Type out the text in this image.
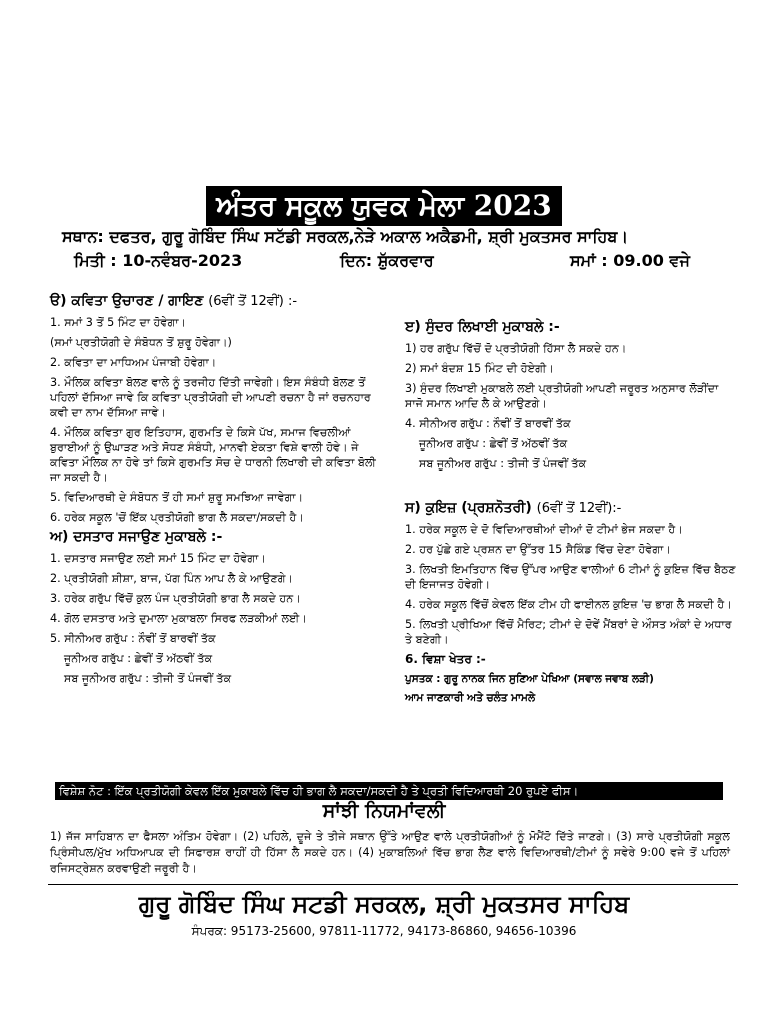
ਅੰਤਰ ਸਕੂਲ ਯੁਵਕ ਮੇਲਾ 2023
ਸਥਾਨ: ਦਫਤਰ, ਗੁਰੂ ਗੋਬਿੰਦ ਸਿੰਘ ਸਟੱਡੀ ਸਰਕਲ,ਨੇੜੇ ਅਕਾਲ ਅਕੈਡਮੀ, ਸ਼੍ਰੀ ਮੁਕਤਸਰ ਸਾਹਿਬ।
ਮਿਤੀ : 10-ਨਵੰਬਰ-2023	ਦਿਨ: ਸ਼ੁੱਕਰਵਾਰ	ਸਮਾਂ : 09.00 ਵਜੇ
ੳ) ਕਵਿਤਾ ਉਚਾਰਣ / ਗਾਇਣ (6ਵੀਂ ਤੋਂ 12ਵੀਂ) :-

1. ਸਮਾਂ 3 ਤੋਂ 5 ਮਿੰਟ ਦਾ ਹੋਵੇਗਾ।

(ਸਮਾਂ ਪ੍ਰਤੀਯੋਗੀ ਦੇ ਸੰਬੋਧਨ ਤੋਂ ਸ਼ੁਰੂ ਹੋਵੇਗਾ।)

2. ਕਵਿਤਾ ਦਾ ਮਾਧਿਅਮ ਪੰਜਾਬੀ ਹੋਵੇਗਾ।

3. ਮੌਲਿਕ ਕਵਿਤਾ ਬੋਲਣ ਵਾਲੇ ਨੂੰ ਤਰਜੀਹ ਦਿੱਤੀ ਜਾਵੇਗੀ। ਇਸ ਸੰਬੰਧੀ ਬੋਲਣ ਤੋਂ ਪਹਿਲਾਂ ਦੱਸਿਆ ਜਾਵੇ ਕਿ ਕਵਿਤਾ ਪ੍ਰਤੀਯੋਗੀ ਦੀ ਆਪਣੀ ਰਚਨਾ ਹੈ ਜਾਂ ਰਚਨਹਾਰ ਕਵੀ ਦਾ ਨਾਮ ਦੱਸਿਆ ਜਾਵੇ।

4. ਮੌਲਿਕ ਕਵਿਤਾ ਗੁਰ ਇਤਿਹਾਸ, ਗੁਰਮਤਿ ਦੇ ਕਿਸੇ ਪੱਖ, ਸਮਾਜ ਵਿਚਲੀਆਂ ਬੁਰਾਈਆਂ ਨੂੰ ਉਘਾੜਣ ਅਤੇ ਸੋਧਣ ਸੰਬੰਧੀ, ਮਾਨਵੀ ਏਕਤਾ ਵਿਸ਼ੇ ਵਾਲੀ ਹੋਵੇ। ਜੇ ਕਵਿਤਾ ਮੌਲਿਕ ਨਾ ਹੋਵੇ ਤਾਂ ਕਿਸੇ ਗੁਰਮਤਿ ਸੋਚ ਦੇ ਧਾਰਨੀ ਲਿਖਾਰੀ ਦੀ ਕਵਿਤਾ ਬੋਲੀ ਜਾ ਸਕਦੀ ਹੈ।

5. ਵਿਦਿਆਰਥੀ ਦੇ ਸੰਬੋਧਨ ਤੋਂ ਹੀ ਸਮਾਂ ਸ਼ੁਰੂ ਸਮਝਿਆ ਜਾਵੇਗਾ।

6. ਹਰੇਕ ਸਕੂਲ 'ਚੋਂ ਇੱਕ ਪ੍ਰਤੀਯੋਗੀ ਭਾਗ ਲੈ ਸਕਦਾ/ਸਕਦੀ ਹੈ।

ਅ) ਦਸਤਾਰ ਸਜਾਉਣ ਮੁਕਾਬਲੇ :-

1. ਦਸਤਾਰ ਸਜਾਉਣ ਲਈ ਸਮਾਂ 15 ਮਿੰਟ ਦਾ ਹੋਵੇਗਾ।

2. ਪ੍ਰਤੀਯੋਗੀ ਸ਼ੀਸ਼ਾ, ਬਾਜ, ਪੱਗ ਪਿੰਨ ਆਪ ਲੈ ਕੇ ਆਉਣਗੇ।

3. ਹਰੇਕ ਗਰੁੱਪ ਵਿੱਚੋਂ ਕੁਲ ਪੰਜ ਪ੍ਰਤੀਯੋਗੀ ਭਾਗ ਲੈ ਸਕਦੇ ਹਨ।

4. ਗੋਲ ਦਸਤਾਰ ਅਤੇ ਦੁਮਾਲਾ ਮੁਕਾਬਲਾ ਸਿਰਫ ਲੜਕੀਆਂ ਲਈ।

5. ਸੀਨੀਅਰ ਗਰੁੱਪ : ਨੌਵੀਂ ਤੋਂ ਬਾਰਵੀਂ ਤੱਕ

ਜੂਨੀਅਰ ਗਰੁੱਪ : ਛੇਵੀਂ ਤੋਂ ਅੱਠਵੀਂ ਤੱਕ

ਸਬ ਜੂਨੀਅਰ ਗਰੁੱਪ : ਤੀਜੀ ਤੋਂ ਪੰਜਵੀਂ ਤੱਕ

ੲ) ਸੁੰਦਰ ਲਿਖਾਈ ਮੁਕਾਬਲੇ :-

1) ਹਰ ਗਰੁੱਪ ਵਿੱਚੋਂ ਦੋ ਪ੍ਰਤੀਯੋਗੀ ਹਿੱਸਾ ਲੈ ਸਕਦੇ ਹਨ।

2) ਸਮਾਂ ਬੰਦਸ਼ 15 ਮਿੰਟ ਦੀ ਹੋਏਗੀ।

3) ਸੁੰਦਰ ਲਿਖਾਈ ਮੁਕਾਬਲੇ ਲਈ ਪ੍ਰਤੀਯੋਗੀ ਆਪਣੀ ਜਰੂਰਤ ਅਨੁਸਾਰ ਲੋੜੀਂਦਾ ਸਾਜੋ ਸਮਾਨ ਆਦਿ ਲੈ ਕੇ ਆਉਣਗੇ।

4. ਸੀਨੀਅਰ ਗਰੁੱਪ : ਨੌਵੀਂ ਤੋਂ ਬਾਰਵੀਂ ਤੱਕ

ਜੂਨੀਅਰ ਗਰੁੱਪ : ਛੇਵੀਂ ਤੋਂ ਅੱਠਵੀਂ ਤੱਕ

ਸਬ ਜੂਨੀਅਰ ਗਰੁੱਪ : ਤੀਜੀ ਤੋਂ ਪੰਜਵੀਂ ਤੱਕ

ਸ) ਕੁਇਜ਼ (ਪ੍ਰਸ਼ਨੋਤਰੀ) (6ਵੀਂ ਤੋਂ 12ਵੀਂ):-

1. ਹਰੇਕ ਸਕੂਲ ਦੇ ਦੋ ਵਿਦਿਆਰਥੀਆਂ ਦੀਆਂ ਦੋ ਟੀਮਾਂ ਭੇਜ ਸਕਦਾ ਹੈ।

2. ਹਰ ਪੁੱਛੇ ਗਏ ਪ੍ਰਸ਼ਨ ਦਾ ਉੱਤਰ 15 ਸੈਕਿੰਡ ਵਿੱਚ ਦੇਣਾ ਹੋਵੇਗਾ।

3. ਲਿਖਤੀ ਇਮਤਿਹਾਨ ਵਿੱਚ ਉੱਪਰ ਆਉਣ ਵਾਲੀਆਂ 6 ਟੀਮਾਂ ਨੂੰ ਕੁਇਜ਼ ਵਿੱਚ ਬੈਠਣ ਦੀ ਇਜਾਜਤ ਹੋਵੇਗੀ।

4. ਹਰੇਕ ਸਕੂਲ ਵਿੱਚੋਂ ਕੇਵਲ ਇੱਕ ਟੀਮ ਹੀ ਫਾਈਨਲ ਕੁਇਜ਼ 'ਚ ਭਾਗ ਲੈ ਸਕਦੀ ਹੈ।

5. ਲਿਖਤੀ ਪ੍ਰੀਖਿਆ ਵਿੱਚੋਂ ਮੈਰਿਟ; ਟੀਮਾਂ ਦੇ ਦੋਵੇਂ ਮੈਂਬਰਾਂ ਦੇ ਔਸਤ ਅੰਕਾਂ ਦੇ ਅਧਾਰ ਤੇ ਬਣੇਗੀ।

6. ਵਿਸ਼ਾ ਖੇਤਰ :-

ਪੁਸਤਕ : ਗੁਰੂ ਨਾਨਕ ਜਿਨ ਸੁਣਿਆ ਪੇਖਿਆ (ਸਵਾਲ ਜਵਾਬ ਲੜੀ)

ਆਮ ਜਾਣਕਾਰੀ ਅਤੇ ਚਲੰਤ ਮਾਮਲੇ

ਵਿਸ਼ੇਸ਼ ਨੋਟ : ਇੱਕ ਪ੍ਰਤੀਯੋਗੀ ਕੇਵਲ ਇੱਕ ਮੁਕਾਬਲੇ ਵਿੱਚ ਹੀ ਭਾਗ ਲੈ ਸਕਦਾ/ਸਕਦੀ ਹੈ ਤੇ ਪ੍ਰਤੀ ਵਿਦਿਆਰਥੀ 20 ਰੁਪਏ ਫੀਸ।
ਸਾਂਝੀ ਨਿਯਮਾਂਵਲੀ
1) ਜੱਜ ਸਾਹਿਬਾਨ ਦਾ ਫੈਸਲਾ ਅੰਤਿਮ ਹੋਵੇਗਾ। (2) ਪਹਿਲੇ, ਦੂਜੇ ਤੇ ਤੀਜੇ ਸਥਾਨ ਉੱਤੇ ਆਉਣ ਵਾਲੇ ਪ੍ਰਤੀਯੋਗੀਆਂ ਨੂੰ ਮੋਮੈਂਟੋ ਦਿੱਤੇ ਜਾਣਗੇ। (3) ਸਾਰੇ ਪ੍ਰਤੀਯੋਗੀ ਸਕੂਲ ਪ੍ਰਿੰਸੀਪਲ/ਮੁੱਖ ਅਧਿਆਪਕ ਦੀ ਸਿਫਾਰਸ਼ ਰਾਹੀਂ ਹੀ ਹਿੱਸਾ ਲੈ ਸਕਦੇ ਹਨ। (4) ਮੁਕਾਬਲਿਆਂ ਵਿੱਚ ਭਾਗ ਲੈਣ ਵਾਲੇ ਵਿਦਿਆਰਥੀ/ਟੀਮਾਂ ਨੂੰ ਸਵੇਰੇ 9:00 ਵਜੇ ਤੋਂ ਪਹਿਲਾਂ ਰਜਿਸਟ੍ਰੇਸ਼ਨ ਕਰਵਾਉਣੀ ਜਰੂਰੀ ਹੈ।
ਗੁਰੂ ਗੋਬਿੰਦ ਸਿੰਘ ਸਟਡੀ ਸਰਕਲ, ਸ਼੍ਰੀ ਮੁਕਤਸਰ ਸਾਹਿਬ
ਸੰਪਰਕ: 95173-25600, 97811-11772, 94173-86860, 94656-10396
